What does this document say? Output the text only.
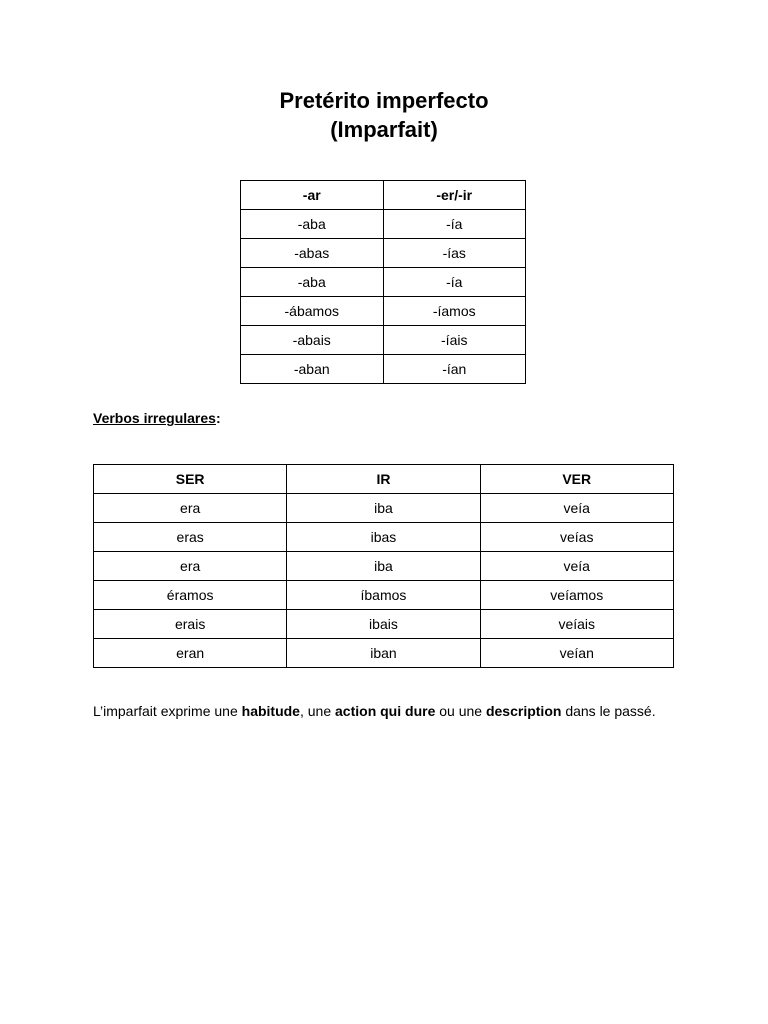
Pretérito imperfecto
(Imparfait)
-ar	-er/-ir
-aba	-ía
-abas	-ías
-aba	-ía
-ábamos	-íamos
-abais	-íais
-aban	-ían

Verbos irregulares:

SER	IR	VER
era	iba	veía
eras	ibas	veías
era	iba	veía
éramos	íbamos	veíamos
erais	ibais	veíais
eran	iban	veían

L’imparfait exprime une habitude, une action qui dure ou une description dans le passé.
